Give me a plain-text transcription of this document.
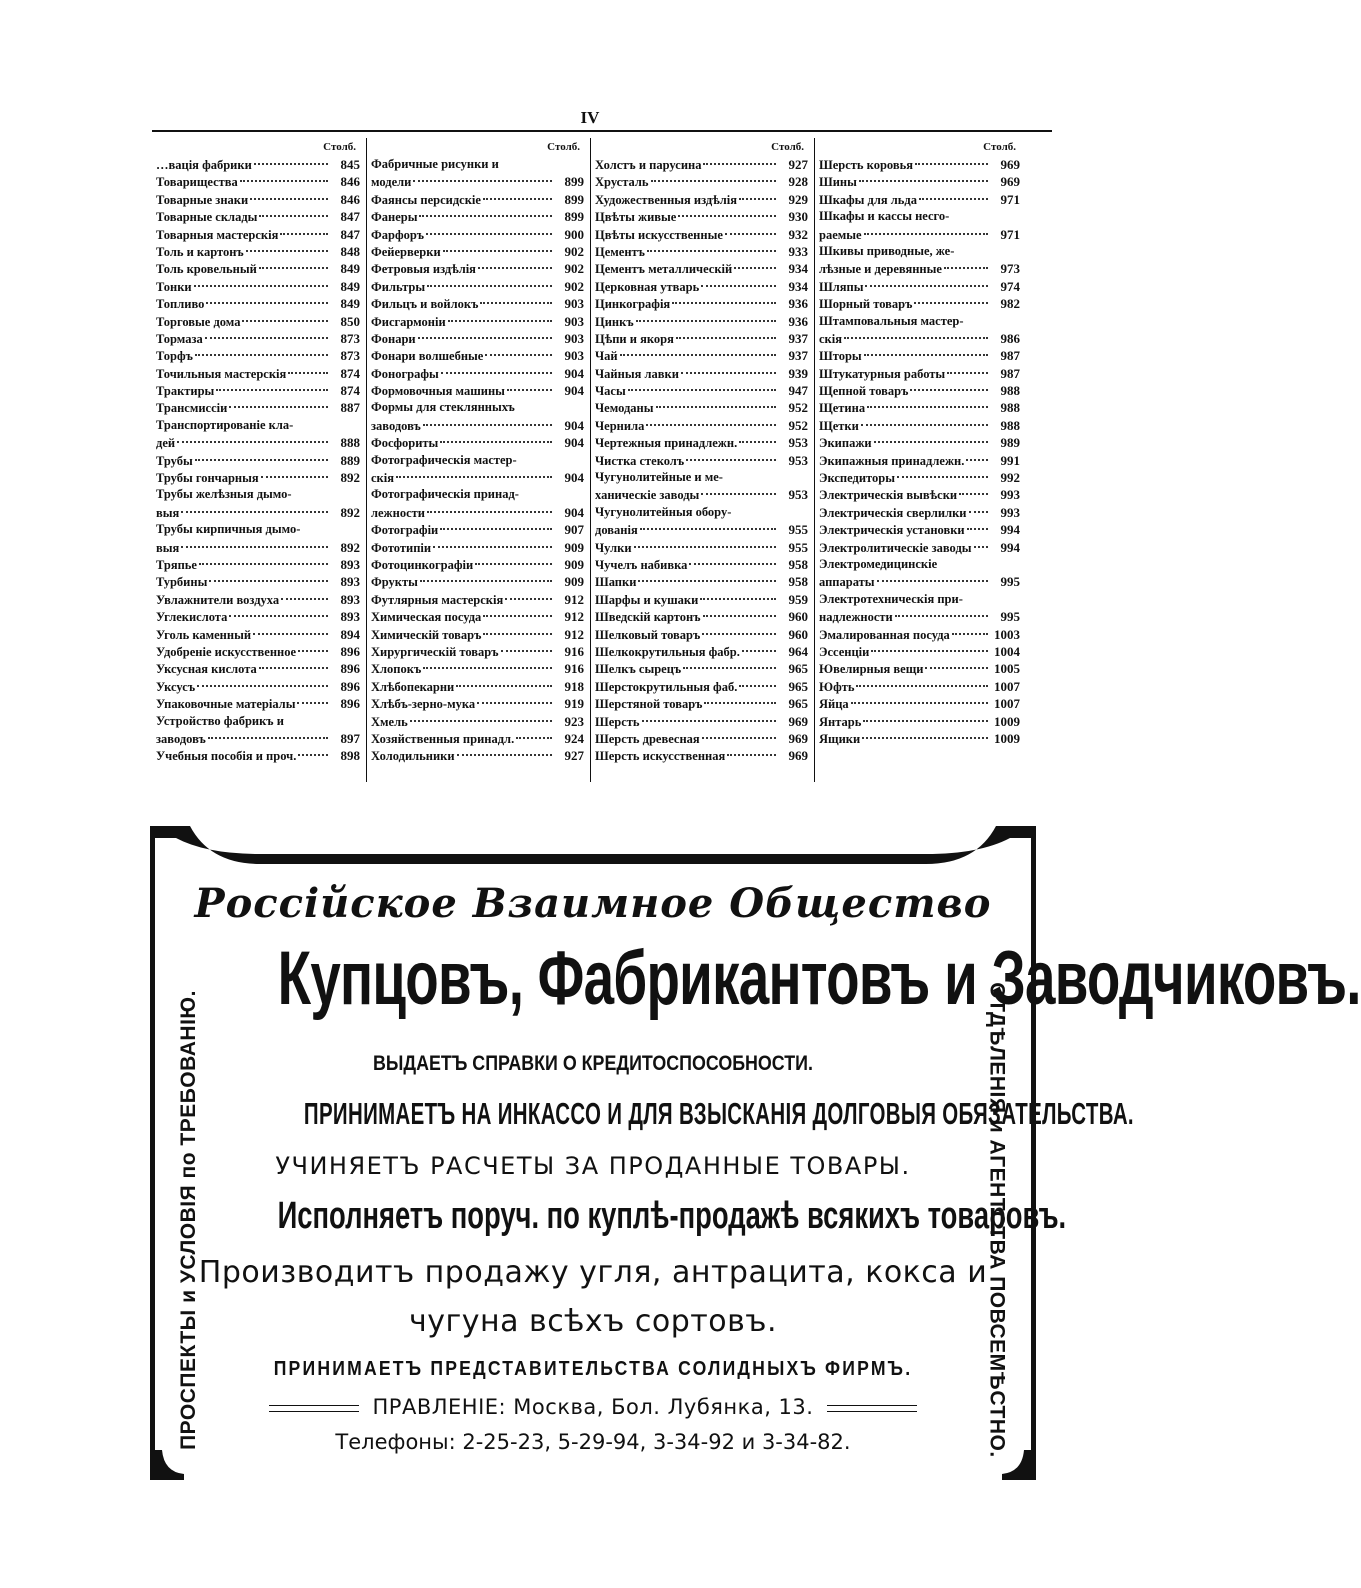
IV
Столб.
…вація фабрики	845
Товарищества	846
Товарные знаки	846
Товарные склады	847
Товарныя мастерскія	847
Толь и картонъ	848
Толь кровельный	849
Тонки	849
Топливо	849
Торговые дома	850
Тормаза	873
Торфъ	873
Точильныя мастерскія	874
Трактиры	874
Трансмиссіи	887
Транспортированіе кла-
дей	888
Трубы	889
Трубы гончарныя	892
Трубы желѣзныя дымо-
выя	892
Трубы кирпичныя дымо-
выя	892
Тряпье	893
Турбины	893
Увлажнители воздуха	893
Углекислота	893
Уголь каменный	894
Удобреніе искусственное	896
Уксусная кислота	896
Уксусъ	896
Упаковочные матеріалы	896
Устройство фабрикъ и
заводовъ	897
Учебныя пособія и проч.	898
Столб.
Фабричные рисунки и
модели	899
Фаянсы персидскіе	899
Фанеры	899
Фарфоръ	900
Фейерверки	902
Фетровыя издѣлія	902
Фильтры	902
Фильцъ и войлокъ	903
Фисгармоніи	903
Фонари	903
Фонари волшебные	903
Фонографы	904
Формовочныя машины	904
Формы для стеклянныхъ
заводовъ	904
Фосфориты	904
Фотографическія мастер-
скія	904
Фотографическія принад-
лежности	904
Фотографіи	907
Фототипіи	909
Фотоцинкографіи	909
Фрукты	909
Футлярныя мастерскія	912
Химическая посуда	912
Химическій товаръ	912
Хирургическій товаръ	916
Хлопокъ	916
Хлѣбопекарни	918
Хлѣбъ-зерно-мука	919
Хмель	923
Хозяйственныя принадл.	924
Холодильники	927
Столб.
Холстъ и парусина	927
Хрусталь	928
Художественныя издѣлія	929
Цвѣты живые	930
Цвѣты искусственные	932
Цементъ	933
Цементъ металлическій	934
Церковная утварь	934
Цинкографія	936
Цинкъ	936
Цѣпи и якоря	937
Чай	937
Чайныя лавки	939
Часы	947
Чемоданы	952
Чернила	952
Чертежныя принадлежн.	953
Чистка стеколъ	953
Чугунолитейные и ме-
ханическіе заводы	953
Чугунолитейныя обору-
дованія	955
Чулки	955
Чучелъ набивка	958
Шапки	958
Шарфы и кушаки	959
Шведскій картонъ	960
Шелковый товаръ	960
Шелкокрутильныя фабр.	964
Шелкъ сырецъ	965
Шерстокрутильныя фаб.	965
Шерстяной товаръ	965
Шерсть	969
Шерсть древесная	969
Шерсть искусственная	969
Столб.
Шерсть коровья	969
Шины	969
Шкафы для льда	971
Шкафы и кассы несго-
раемые	971
Шкивы приводные, же-
лѣзные и деревянные	973
Шляпы	974
Шорный товаръ	982
Штамповальныя мастер-
скія	986
Шторы	987
Штукатурныя работы	987
Щепной товаръ	988
Щетина	988
Щетки	988
Экипажи	989
Экипажныя принадлежн.	991
Экспедиторы	992
Электрическія вывѣски	993
Электрическія сверлилки	993
Электрическія установки	994
Электролитическіе заводы	994
Электромедицинскіе
аппараты	995
Электротехническія при-
надлежности	995
Эмалированная посуда	1003
Эссенціи	1004
Ювелирныя вещи	1005
Юфть	1007
Яйца	1007
Янтарь	1009
Ящики	1009
ПРОСПЕКТЫ и УСЛОВІЯ по ТРЕБОВАНІЮ.	ОТДѢЛЕНІЯ и АГЕНТСТВА ПОВСЕМѢСТНО.
Россійское Взаимное Общество
Купцовъ, Фабрикантовъ и Заводчиковъ.
ВЫДАЕТЪ СПРАВКИ О КРЕДИТОСПОСОБНОСТИ.
ПРИНИМАЕТЪ НА ИНКАССО И ДЛЯ ВЗЫСКАНІЯ ДОЛГОВЫЯ ОБЯЗАТЕЛЬСТВА.
УЧИНЯЕТЪ РАСЧЕТЫ ЗА ПРОДАННЫЕ ТОВАРЫ.
Исполняетъ поруч. по куплѣ-продажѣ всякихъ товаровъ.
Производитъ продажу угля, антрацита, кокса и
чугуна всѣхъ сортовъ.
ПРИНИМАЕТЪ ПРЕДСТАВИТЕЛЬСТВА СОЛИДНЫХЪ ФИРМЪ.
ПРАВЛЕНІЕ: Москва, Бол. Лубянка, 13.
Телефоны: 2-25-23, 5-29-94, 3-34-92 и 3-34-82.
